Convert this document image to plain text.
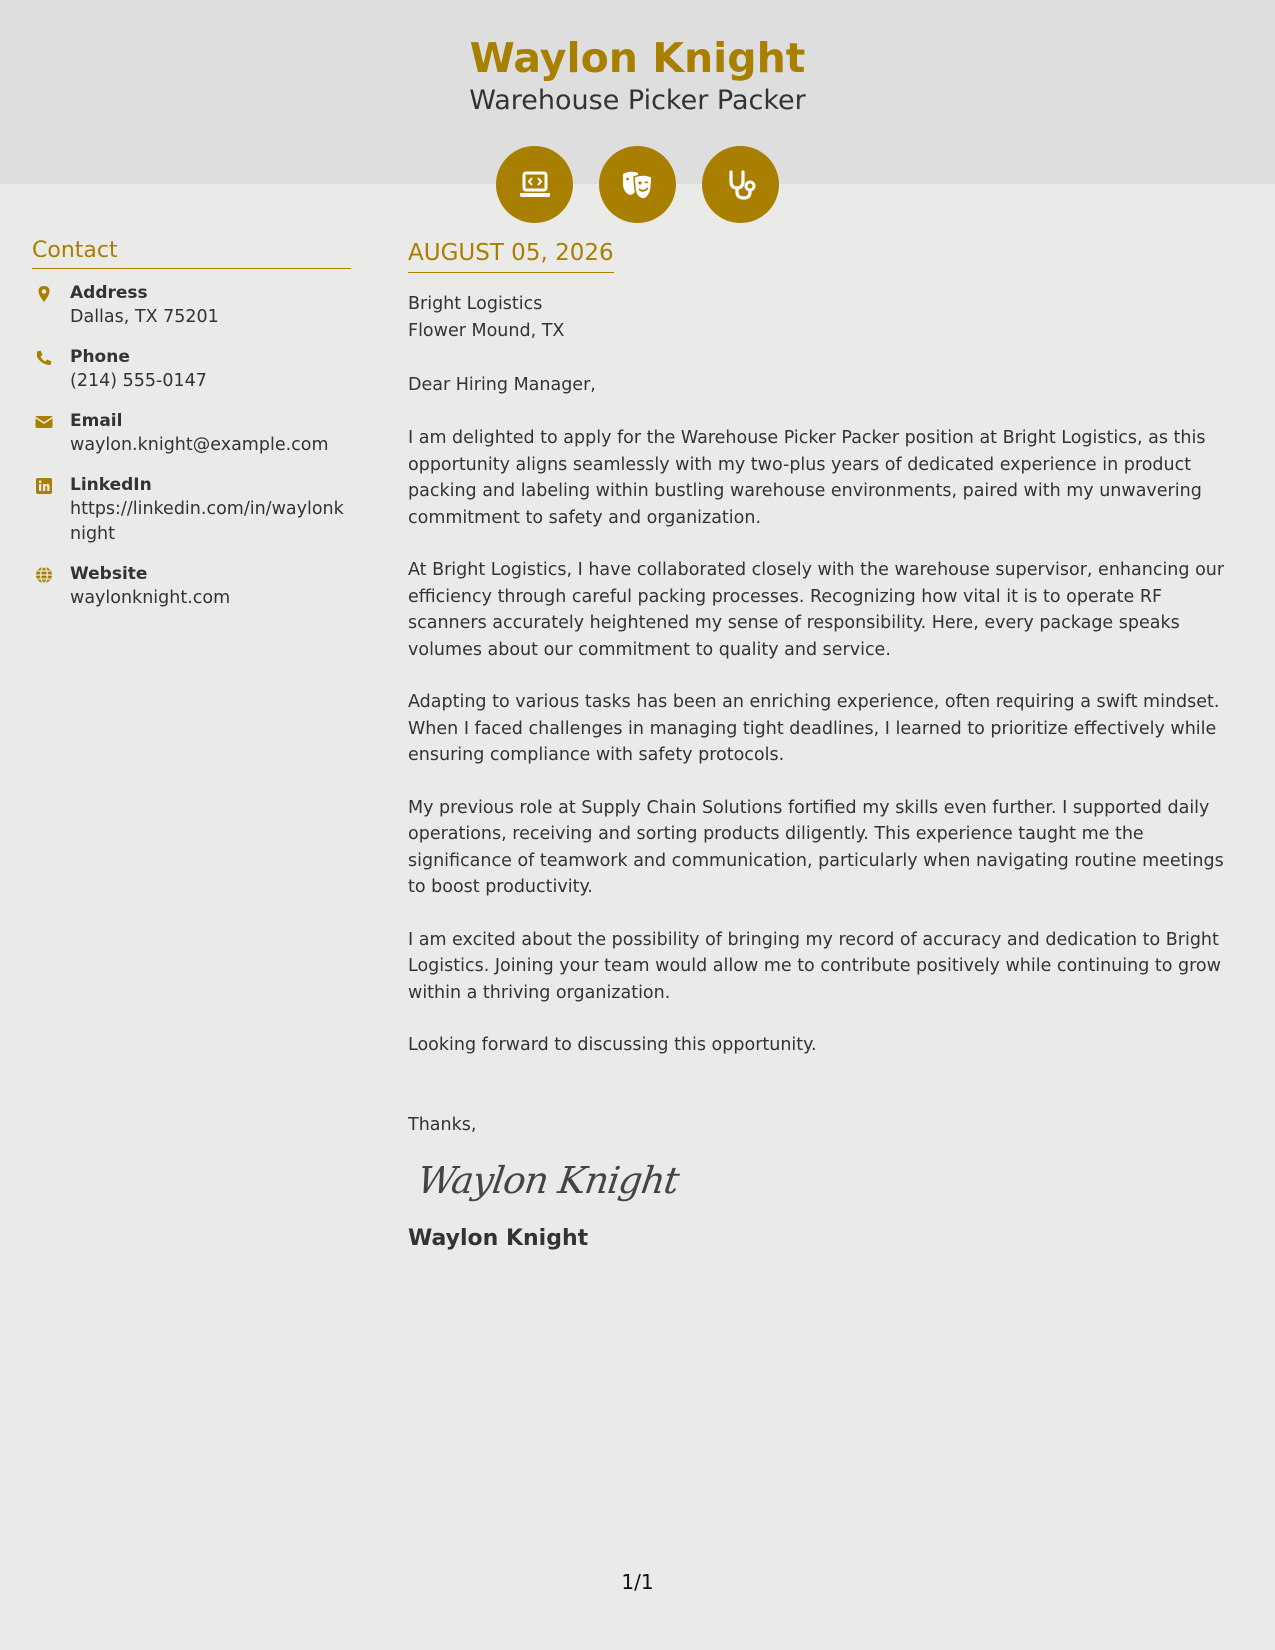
Waylon Knight
Warehouse Picker Packer
Contact
Address
Dallas, TX 75201
Phone
(214) 555-0147
Email
waylon.knight@example.com
LinkedIn
https://linkedin.com/in/waylonknight
Website
waylonknight.com
AUGUST 05, 2026
Bright Logistics
Flower Mound, TX
Dear Hiring Manager,

I am delighted to apply for the Warehouse Picker Packer position at Bright Logistics, as this opportunity aligns seamlessly with my two-plus years of dedicated experience in product packing and labeling within bustling warehouse environments, paired with my unwavering commitment to safety and organization.

At Bright Logistics, I have collaborated closely with the warehouse supervisor, enhancing our efficiency through careful packing processes. Recognizing how vital it is to operate RF scanners accurately heightened my sense of responsibility. Here, every package speaks volumes about our commitment to quality and service.

Adapting to various tasks has been an enriching experience, often requiring a swift mindset. When I faced challenges in managing tight deadlines, I learned to prioritize effectively while ensuring compliance with safety protocols.

My previous role at Supply Chain Solutions fortified my skills even further. I supported daily operations, receiving and sorting products diligently. This experience taught me the significance of teamwork and communication, particularly when navigating routine meetings to boost productivity.

I am excited about the possibility of bringing my record of accuracy and dedication to Bright Logistics. Joining your team would allow me to contribute positively while continuing to grow within a thriving organization.

Looking forward to discussing this opportunity.

Thanks,
Waylon Knight
Waylon Knight
1/1
